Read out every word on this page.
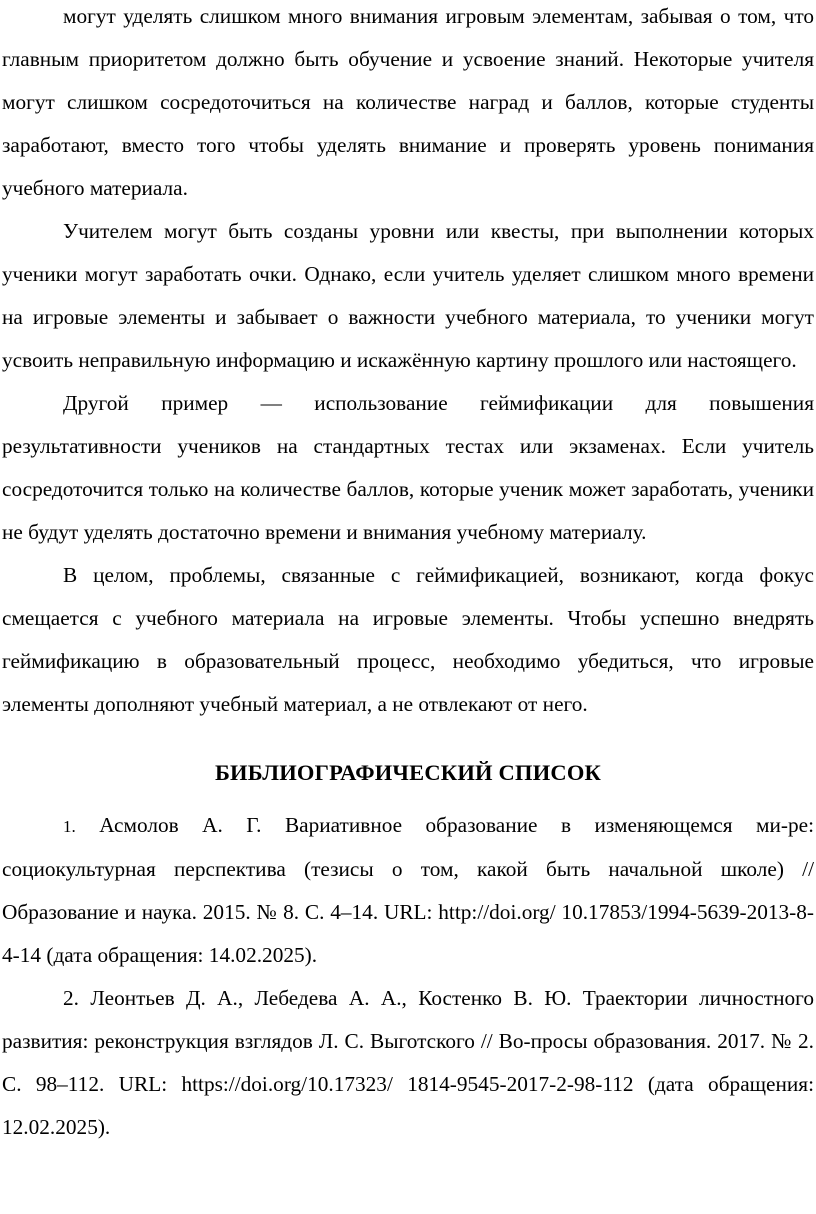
могут уделять слишком много внимания игровым элементам, забывая о том, что главным приоритетом должно быть обучение и усвоение знаний. Некоторые учителя могут слишком сосредоточиться на количестве наград и баллов, которые студенты заработают, вместо того чтобы уделять внимание и проверять уровень понимания учебного материала.

Учителем могут быть созданы уровни или квесты, при выполнении которых ученики могут заработать очки. Однако, если учитель уделяет слишком много времени на игровые элементы и забывает о важности учебного материала, то ученики могут усвоить неправильную информацию и искажённую картину прошлого или настоящего.

Другой пример — использование геймификации для повышения результативности учеников на стандартных тестах или экзаменах. Если учитель сосредоточится только на количестве баллов, которые ученик может заработать, ученики не будут уделять достаточно времени и внимания учебному материалу.

В целом, проблемы, связанные с геймификацией, возникают, когда фокус смещается с учебного материала на игровые элементы. Чтобы успешно внедрять геймификацию в образовательный процесс, необходимо убедиться, что игровые элементы дополняют учебный материал, а не отвлекают от него.

БИБЛИОГРАФИЧЕСКИЙ СПИСОК

1. Асмолов А. Г. Вариативное образование в изменяющемся ми-ре: социокультурная перспектива (тезисы о том, какой быть начальной школе) // Образование и наука. 2015. № 8. С. 4–14. URL: http://doi.org/ 10.17853/1994-5639-2013-8-4-14 (дата обращения: 14.02.2025).

2. Леонтьев Д. А., Лебедева А. А., Костенко В. Ю. Траектории личностного развития: реконструкция взглядов Л. С. Выготского // Во-просы образования. 2017. № 2. С. 98–112. URL: https://doi.org/10.17323/ 1814-9545-2017-2-98-112 (дата обращения: 12.02.2025).
